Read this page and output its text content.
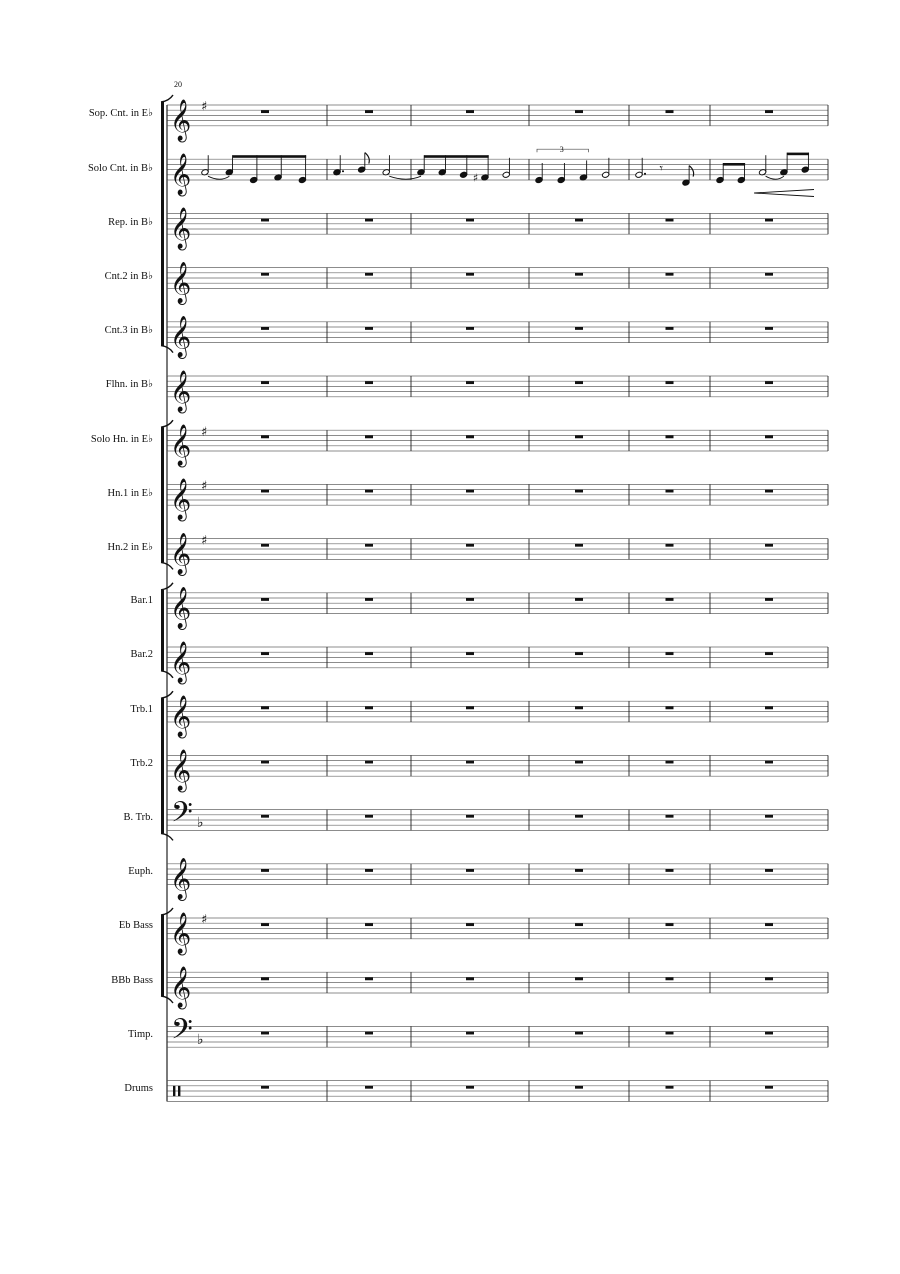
Sop. Cnt. in E♭
Solo Cnt. in B♭
Rep. in B♭
Cnt.2 in B♭
Cnt.3 in B♭
Flhn. in B♭
Solo Hn. in E♭
Hn.1 in E♭
Hn.2 in E♭
Bar.1
Bar.2
Trb.1
Trb.2
B. Trb.
Euph.
Eb Bass
BBb Bass
Timp.
Drums
𝄞 ♯
𝄞	♯
3
𝄾
𝄞
𝄞
𝄞
𝄞
𝄞 ♯
𝄞 ♯
𝄞 ♯
𝄞
𝄞
𝄞
𝄞
𝄢 ♭
𝄞
𝄞 ♯
𝄞
𝄢 ♭
20
